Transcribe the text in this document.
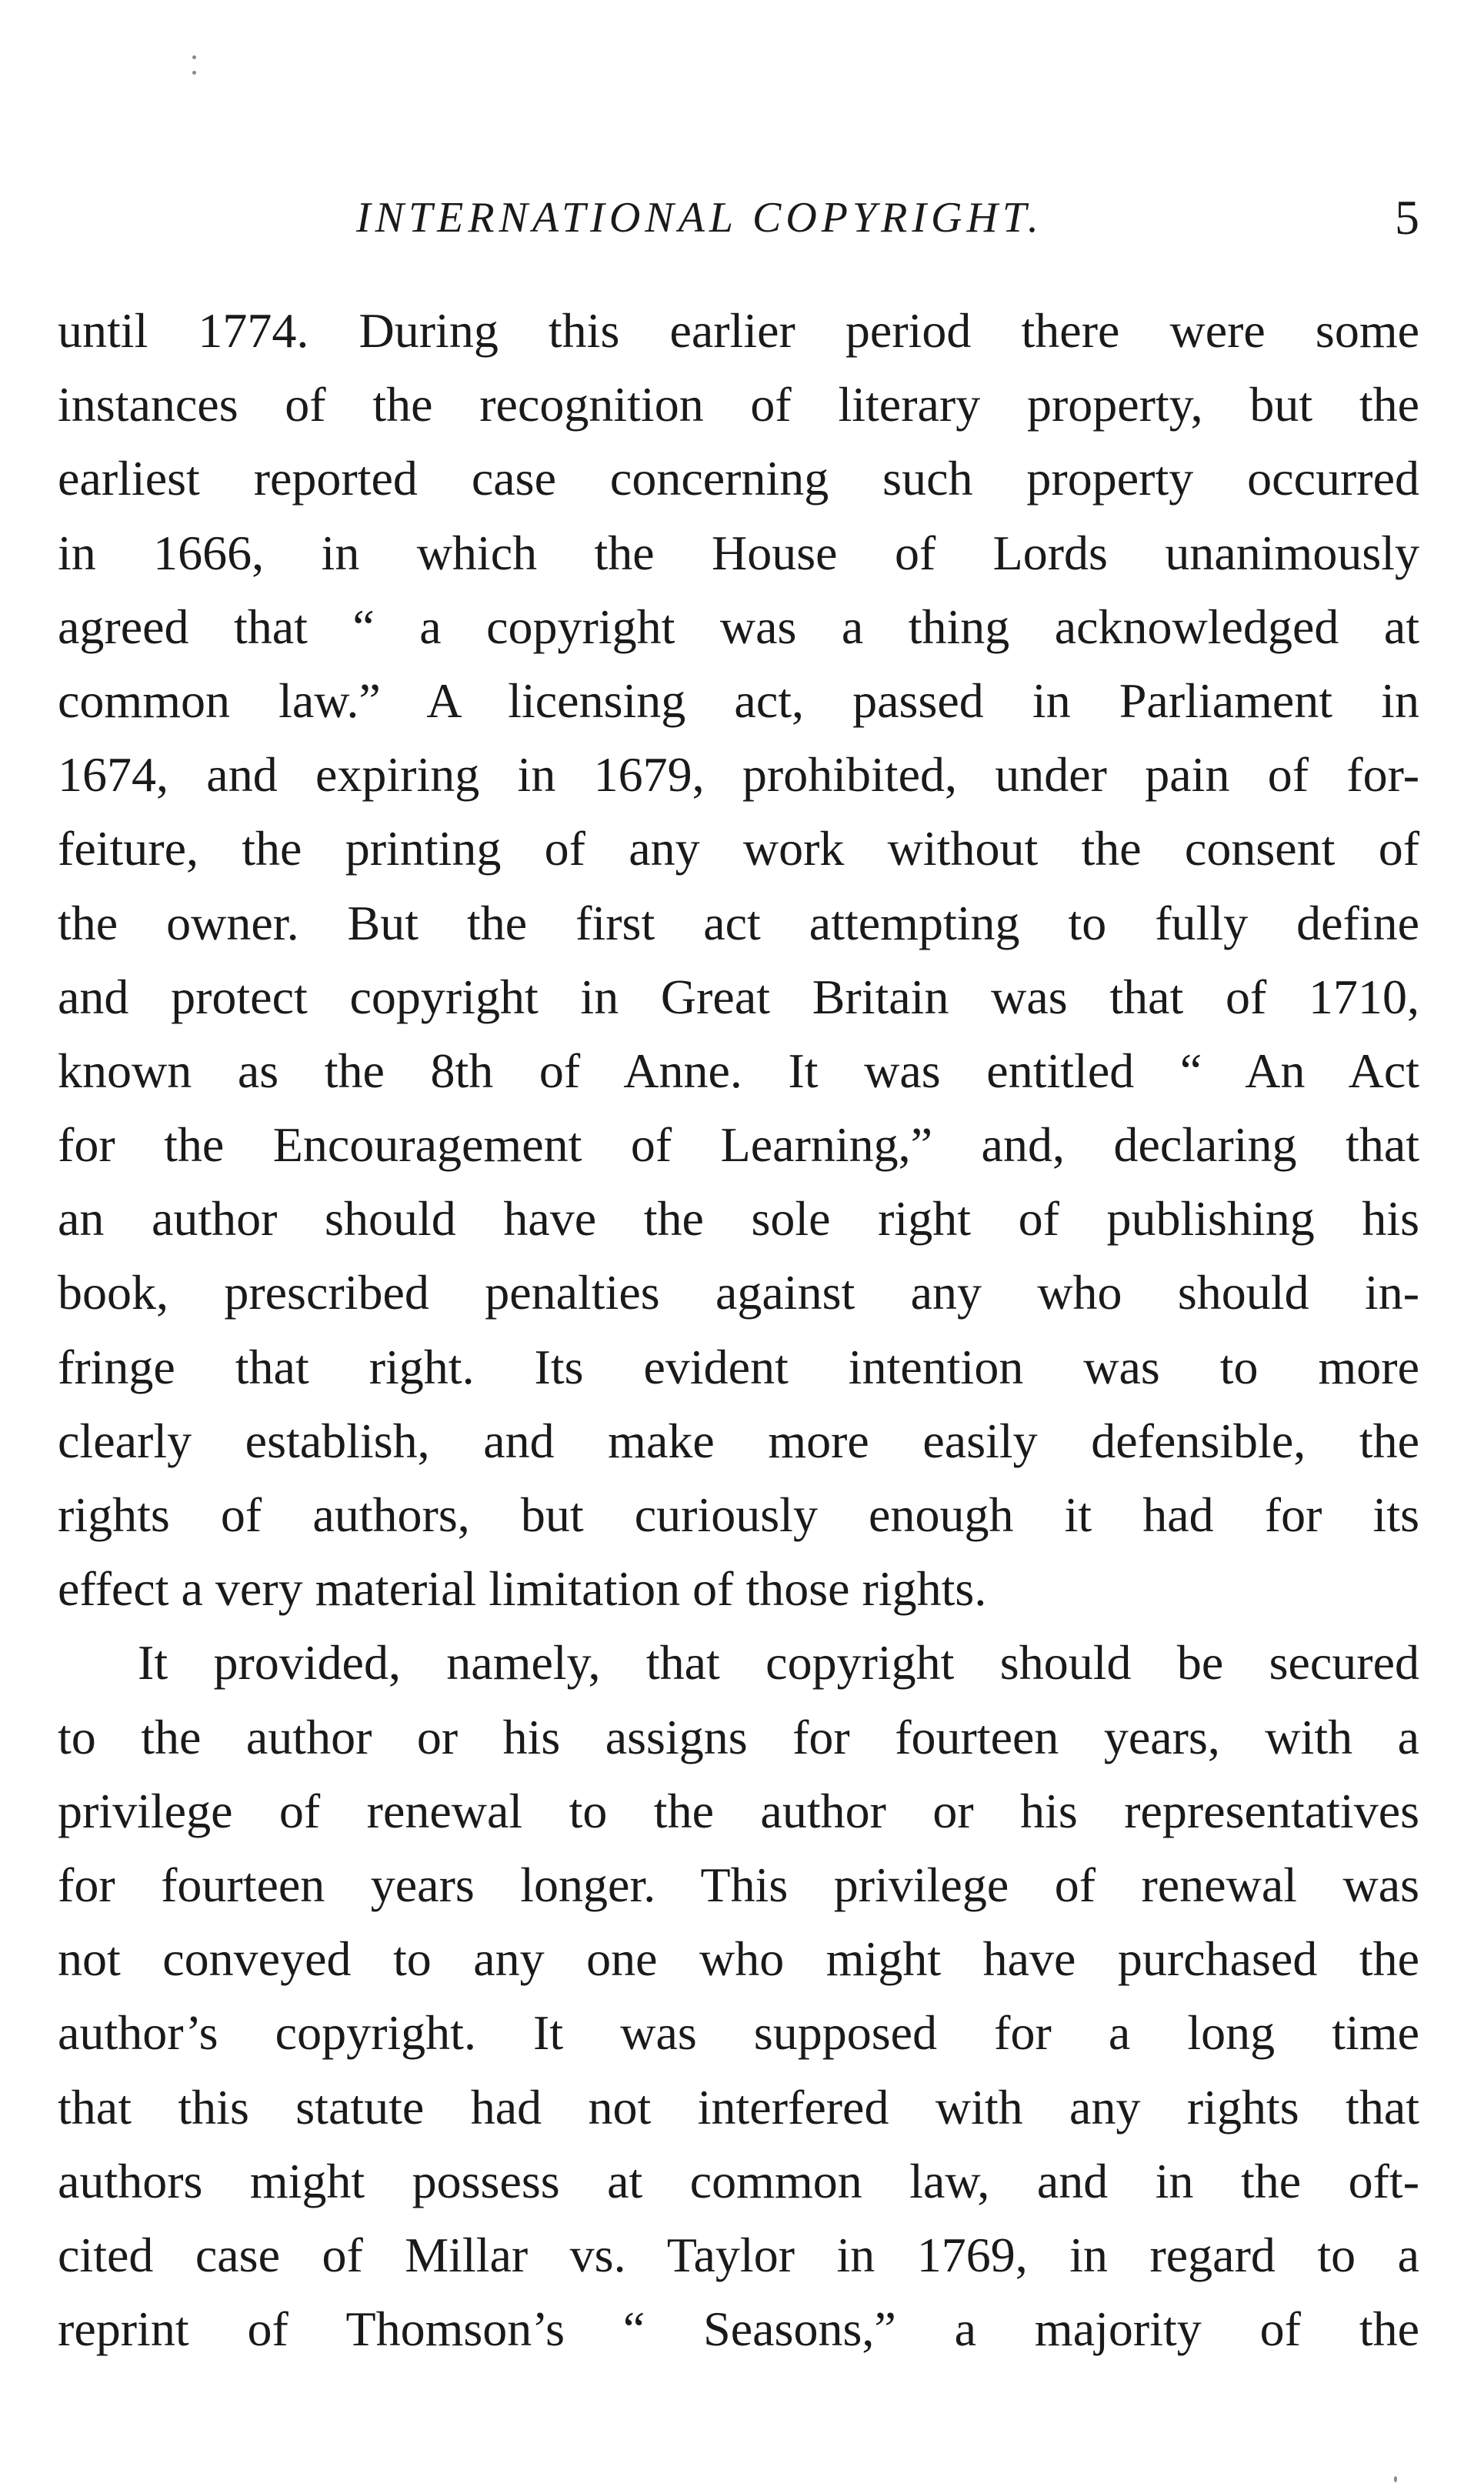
INTERNATIONAL COPYRIGHT.	5
until 1774. During this earlier period there were some
instances of the recognition of literary property, but the
earliest reported case concerning such property occurred
in 1666, in which the House of Lords unanimously
agreed that “ a copyright was a thing acknowledged at
common law.” A licensing act, passed in Parliament in
1674, and expiring in 1679, prohibited, under pain of for-
feiture, the printing of any work without the consent of
the owner. But the first act attempting to fully define
and protect copyright in Great Britain was that of 1710,
known as the 8th of Anne. It was entitled “ An Act
for the Encouragement of Learning,” and, declaring that
an author should have the sole right of publishing his
book, prescribed penalties against any who should in-
fringe that right. Its evident intention was to more
clearly establish, and make more easily defensible, the
rights of authors, but curiously enough it had for its
effect a very material limitation of those rights.
It provided, namely, that copyright should be secured
to the author or his assigns for fourteen years, with a
privilege of renewal to the author or his representatives
for fourteen years longer. This privilege of renewal was
not conveyed to any one who might have purchased the
author’s copyright. It was supposed for a long time
that this statute had not interfered with any rights that
authors might possess at common law, and in the oft-
cited case of Millar vs. Taylor in 1769, in regard to a
reprint of Thomson’s “ Seasons,” a majority of the
